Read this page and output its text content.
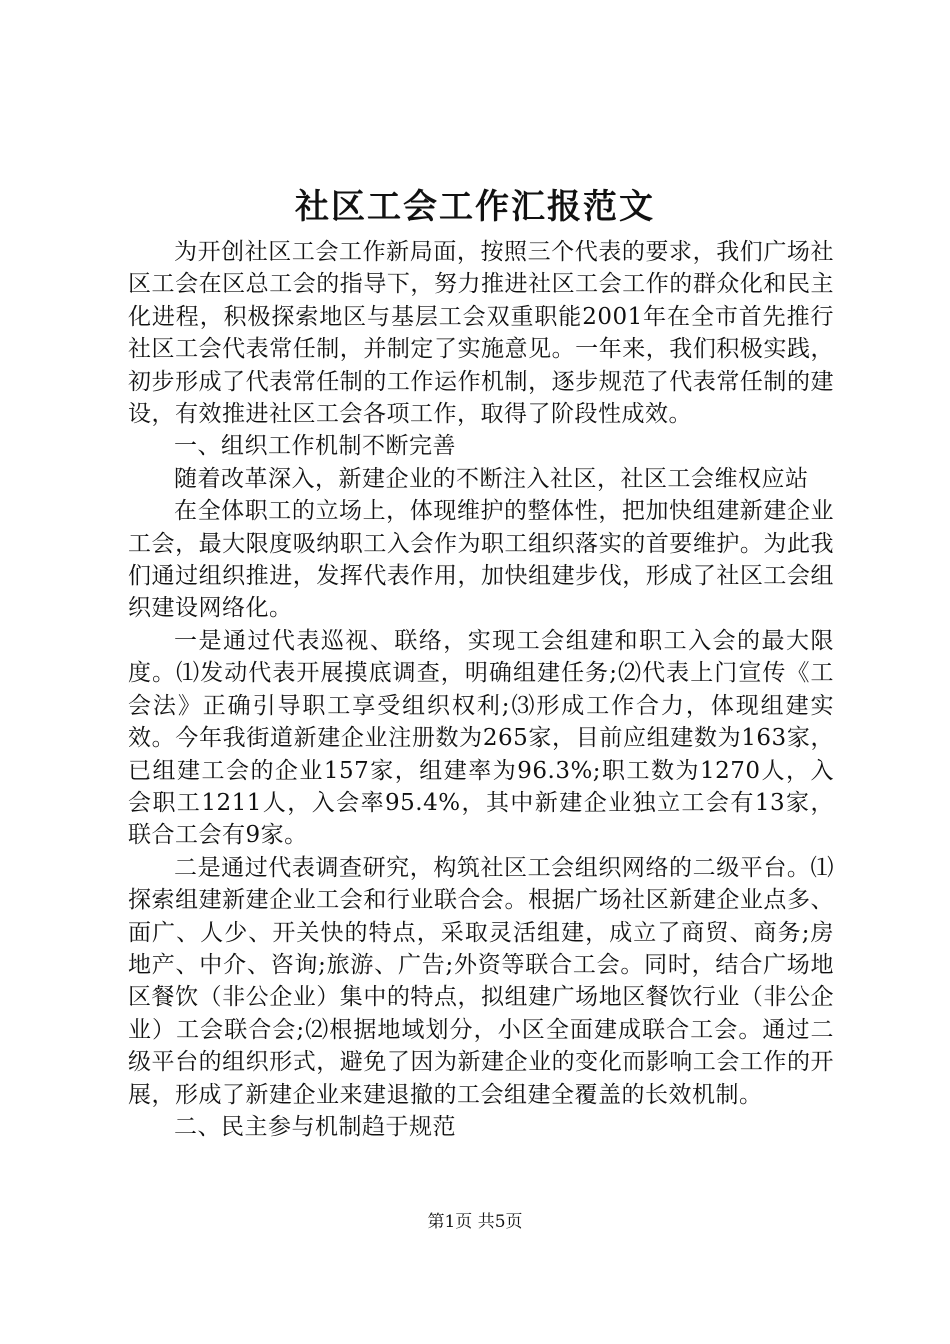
社区工会工作汇报范文

为开创社区工会工作新局面，按照三个代表的要求，我们广场社区工会在区总工会的指导下，努力推进社区工会工作的群众化和民主化进程，积极探索地区与基层工会双重职能2001年在全市首先推行社区工会代表常任制，并制定了实施意见。一年来，我们积极实践，初步形成了代表常任制的工作运作机制，逐步规范了代表常任制的建设，有效推进社区工会各项工作，取得了阶段性成效。

一、组织工作机制不断完善

随着改革深入，新建企业的不断注入社区，社区工会维权应站

在全体职工的立场上，体现维护的整体性，把加快组建新建企业工会，最大限度吸纳职工入会作为职工组织落实的首要维护。为此我们通过组织推进，发挥代表作用，加快组建步伐，形成了社区工会组织建设网络化。

一是通过代表巡视、联络，实现工会组建和职工入会的最大限度。⑴发动代表开展摸底调查，明确组建任务;⑵代表上门宣传《工会法》正确引导职工享受组织权利;⑶形成工作合力，体现组建实效。今年我街道新建企业注册数为265家，目前应组建数为163家，已组建工会的企业157家，组建率为96.3%;职工数为1270人，入会职工1211人，入会率95.4%，其中新建企业独立工会有13家，联合工会有9家。

二是通过代表调查研究，构筑社区工会组织网络的二级平台。⑴探索组建新建企业工会和行业联合会。根据广场社区新建企业点多、面广、人少、开关快的特点，采取灵活组建，成立了商贸、商务;房地产、中介、咨询;旅游、广告;外资等联合工会。同时，结合广场地区餐饮（非公企业）集中的特点，拟组建广场地区餐饮行业（非公企业）工会联合会;⑵根据地域划分，小区全面建成联合工会。通过二级平台的组织形式，避免了因为新建企业的变化而影响工会工作的开展，形成了新建企业来建退撤的工会组建全覆盖的长效机制。

二、民主参与机制趋于规范

第1页 共5页
